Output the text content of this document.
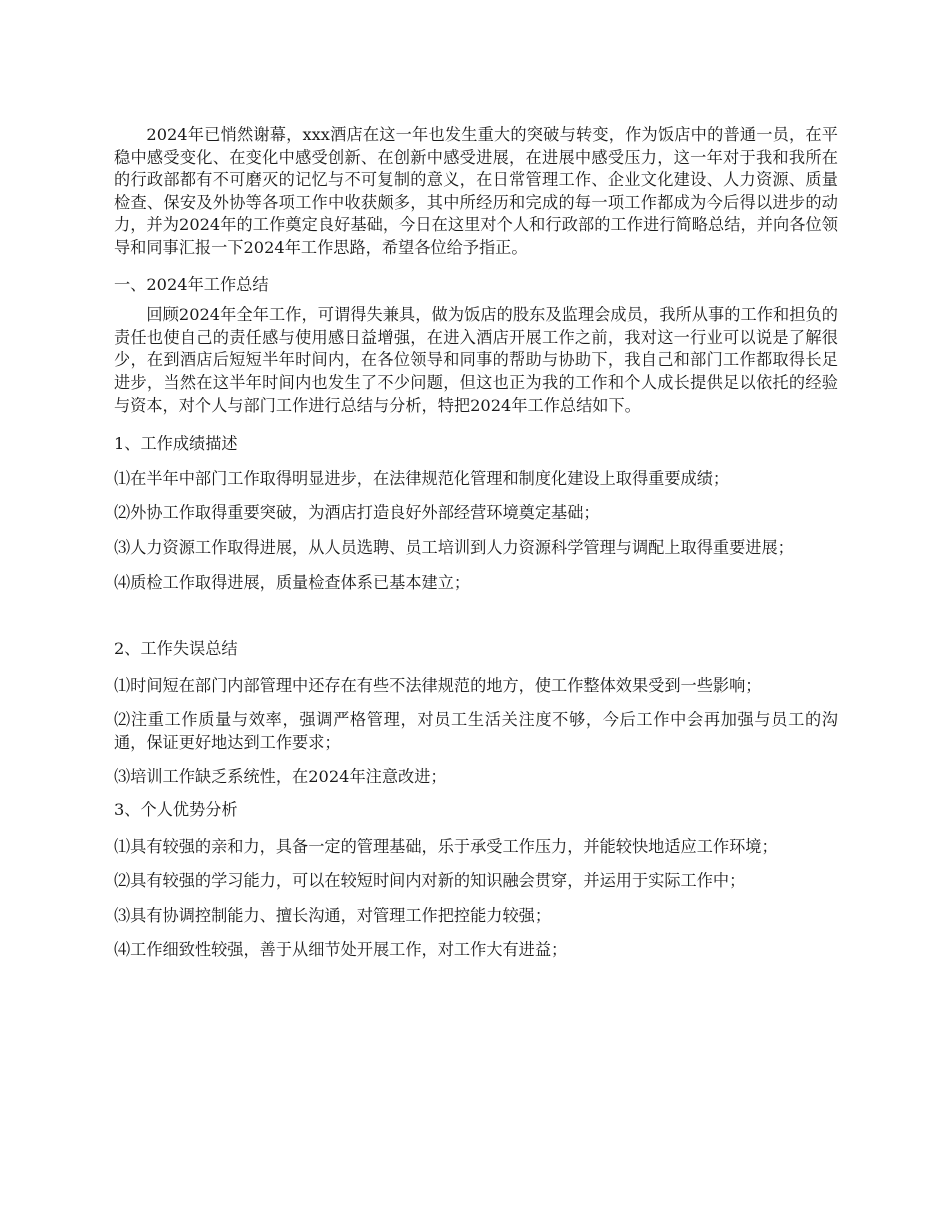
2024年已悄然谢幕，xxx酒店在这一年也发生重大的突破与转变，作为饭店中的普通一员，在平稳中感受变化、在变化中感受创新、在创新中感受进展，在进展中感受压力，这一年对于我和我所在的行政部都有不可磨灭的记忆与不可复制的意义，在日常管理工作、企业文化建设、人力资源、质量检查、保安及外协等各项工作中收获颇多，其中所经历和完成的每一项工作都成为今后得以进步的动力，并为2024年的工作奠定良好基础，今日在这里对个人和行政部的工作进行简略总结，并向各位领导和同事汇报一下2024年工作思路，希望各位给予指正。

一、2024年工作总结

回顾2024年全年工作，可谓得失兼具，做为饭店的股东及监理会成员，我所从事的工作和担负的责任也使自己的责任感与使用感日益增强，在进入酒店开展工作之前，我对这一行业可以说是了解很少，在到酒店后短短半年时间内，在各位领导和同事的帮助与协助下，我自己和部门工作都取得长足进步，当然在这半年时间内也发生了不少问题，但这也正为我的工作和个人成长提供足以依托的经验与资本，对个人与部门工作进行总结与分析，特把2024年工作总结如下。

1、工作成绩描述

⑴在半年中部门工作取得明显进步，在法律规范化管理和制度化建设上取得重要成绩；

⑵外协工作取得重要突破，为酒店打造良好外部经营环境奠定基础；

⑶人力资源工作取得进展，从人员选聘、员工培训到人力资源科学管理与调配上取得重要进展；

⑷质检工作取得进展，质量检查体系已基本建立；

2、工作失误总结

⑴时间短在部门内部管理中还存在有些不法律规范的地方，使工作整体效果受到一些影响；

⑵注重工作质量与效率，强调严格管理，对员工生活关注度不够，今后工作中会再加强与员工的沟通，保证更好地达到工作要求；

⑶培训工作缺乏系统性，在2024年注意改进；

3、个人优势分析

⑴具有较强的亲和力，具备一定的管理基础，乐于承受工作压力，并能较快地适应工作环境；

⑵具有较强的学习能力，可以在较短时间内对新的知识融会贯穿，并运用于实际工作中；

⑶具有协调控制能力、擅长沟通，对管理工作把控能力较强；

⑷工作细致性较强，善于从细节处开展工作，对工作大有进益；
